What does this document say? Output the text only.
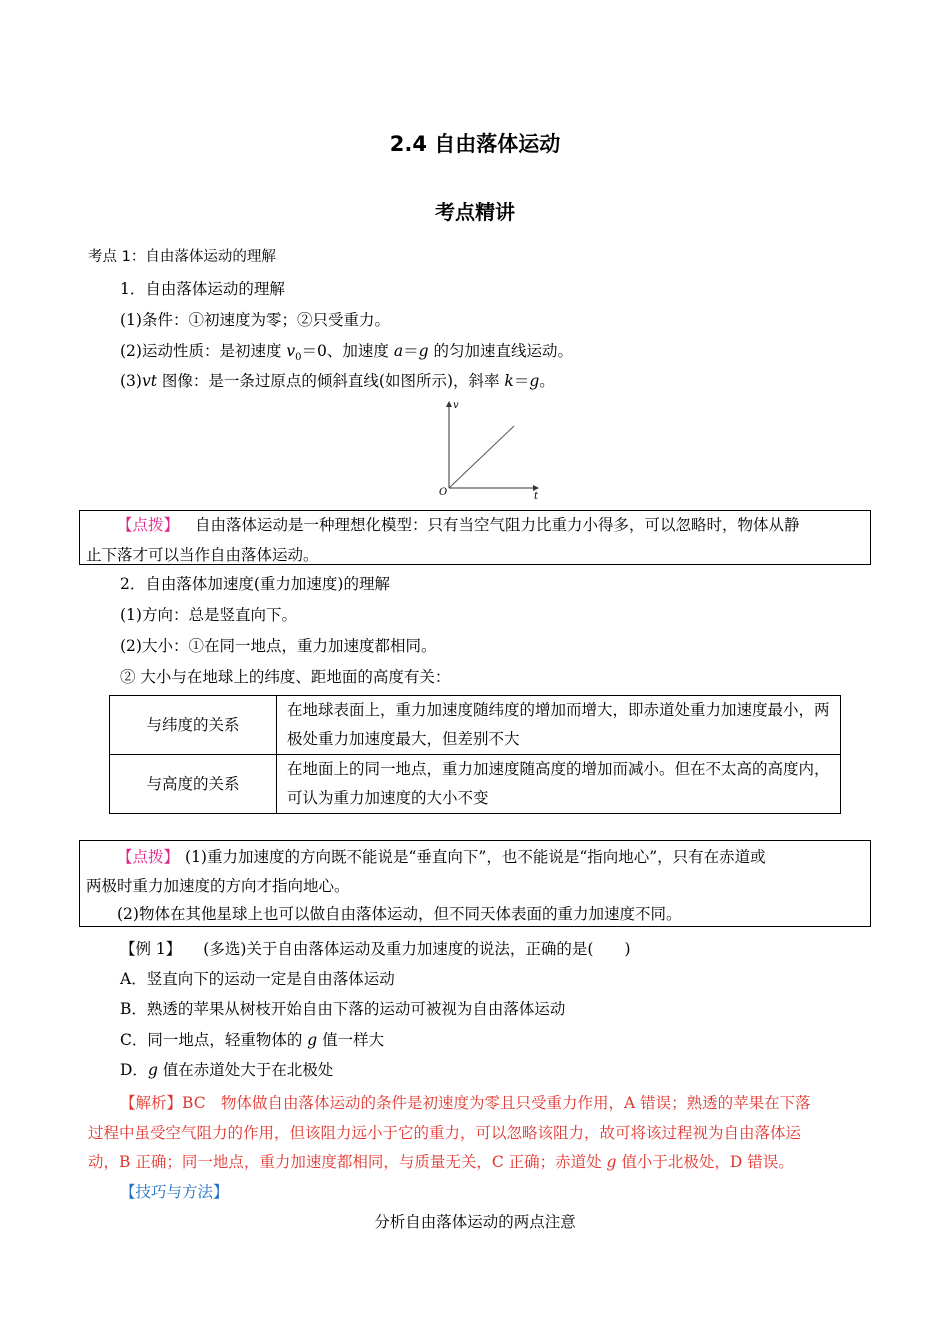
2.4 自由落体运动
考点精讲
考点 1：自由落体运动的理解
1．自由落体运动的理解
(1)条件：①初速度为零；②只受重力。
(2)运动性质：是初速度 $v_0=0$、加速度 a＝g 的匀加速直线运动。
(3)vt 图像：是一条过原点的倾斜直线(如图所示)，斜率 k＝g。
v
t
O
【点拨】 自由落体运动是一种理想化模型：只有当空气阻力比重力小得多，可以忽略时，物体从静
止下落才可以当作自由落体运动。
2．自由落体加速度(重力加速度)的理解
(1)方向：总是竖直向下。
(2)大小：①在同一地点，重力加速度都相同。
② 大小与在地球上的纬度、距地面的高度有关：
与纬度的关系	在地球表面上，重力加速度随纬度的增加而增大，即赤道处重力加速度最小，两极处重力加速度最大，但差别不大
与高度的关系	在地面上的同一地点，重力加速度随高度的增加而减小。但在不太高的高度内，可认为重力加速度的大小不变
【点拨】 (1)重力加速度的方向既不能说是“垂直向下”，也不能说是“指向地心”，只有在赤道或
两极时重力加速度的方向才指向地心。
(2)物体在其他星球上也可以做自由落体运动，但不同天体表面的重力加速度不同。
【例 1】 (多选)关于自由落体运动及重力加速度的说法，正确的是(　　)
A．竖直向下的运动一定是自由落体运动
B．熟透的苹果从树枝开始自由下落的运动可被视为自由落体运动
C．同一地点，轻重物体的 g 值一样大
D．g 值在赤道处大于在北极处
【解析】BC　物体做自由落体运动的条件是初速度为零且只受重力作用，A 错误；熟透的苹果在下落
过程中虽受空气阻力的作用，但该阻力远小于它的重力，可以忽略该阻力，故可将该过程视为自由落体运
动，B 正确；同一地点，重力加速度都相同，与质量无关，C 正确；赤道处 g 值小于北极处，D 错误。
【技巧与方法】
分析自由落体运动的两点注意
